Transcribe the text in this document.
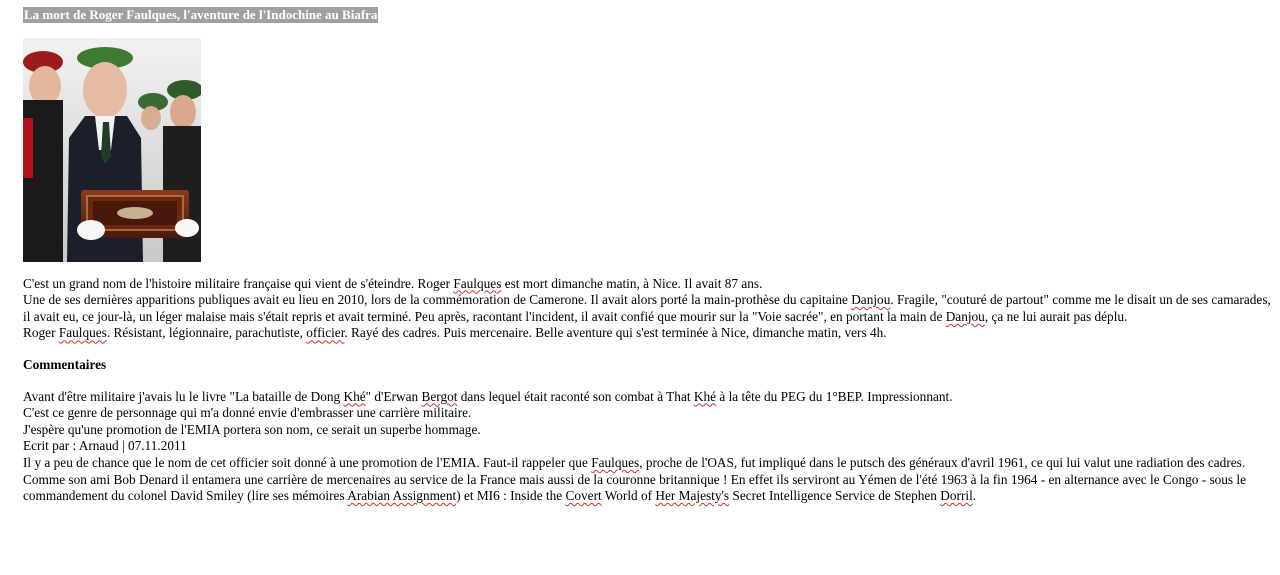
La mort de Roger Faulques, l'aventure de l'Indochine au Biafra

C'est un grand nom de l'histoire militaire française qui vient de s'éteindre. Roger Faulques est mort dimanche matin, à Nice. Il avait 87 ans.

Une de ses dernières apparitions publiques avait eu lieu en 2010, lors de la commémoration de Camerone. Il avait alors porté la main-prothèse du capitaine Danjou. Fragile, "couturé de partout" comme me le disait un de ses camarades, il avait eu, ce jour-là, un léger malaise mais s'était repris et avait terminé. Peu après, racontant l'incident, il avait confié que mourir sur la "Voie sacrée", en portant la main de Danjou, ça ne lui aurait pas déplu.

Roger Faulques. Résistant, légionnaire, parachutiste, officier. Rayé des cadres. Puis mercenaire. Belle aventure qui s'est terminée à Nice, dimanche matin, vers 4h.

Commentaires

Avant d'être militaire j'avais lu le livre "La bataille de Dong Khé" d'Erwan Bergot dans lequel était raconté son combat à That Khé à la tête du PEG du 1°BEP. Impressionnant.

C'est ce genre de personnage qui m'a donné envie d'embrasser une carrière militaire.

J'espère qu'une promotion de l'EMIA portera son nom, ce serait un superbe hommage.

Ecrit par : Arnaud | 07.11.2011

Il y a peu de chance que le nom de cet officier soit donné à une promotion de l'EMIA. Faut-il rappeler que Faulques, proche de l'OAS, fut impliqué dans le putsch des généraux d'avril 1961, ce qui lui valut une radiation des cadres.

Comme son ami Bob Denard il entamera une carrière de mercenaires au service de la France mais aussi de la couronne britannique ! En effet ils serviront au Yémen de l'été 1963 à la fin 1964 - en alternance avec le Congo - sous le commandement du colonel David Smiley (lire ses mémoires Arabian Assignment) et MI6 : Inside the Covert World of Her Majesty's Secret Intelligence Service de Stephen Dorril.
